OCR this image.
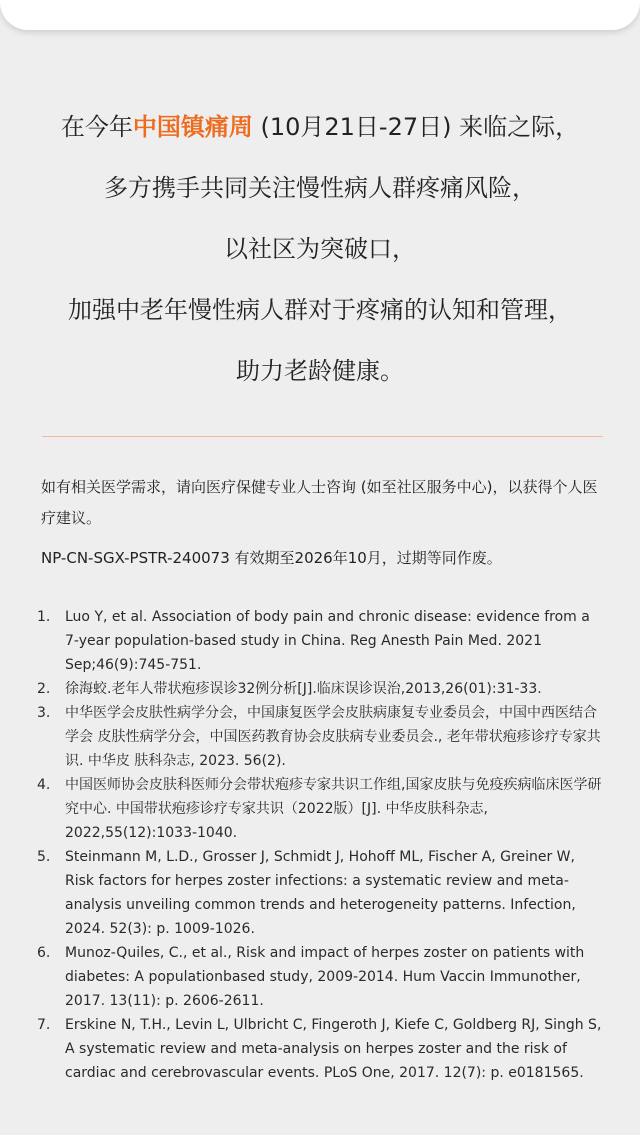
在今年中国镇痛周 (10月21日-27日) 来临之际，
多方携手共同关注慢性病人群疼痛风险，
以社区为突破口，
加强中老年慢性病人群对于疼痛的认知和管理，
助力老龄健康。
如有相关医学需求，请向医疗保健专业人士咨询 (如至社区服务中心)，以获得个人医疗建议。
NP-CN-SGX-PSTR-240073 有效期至2026年10月，过期等同作废。
1. Luo Y, et al. Association of body pain and chronic disease: evidence from a 7-year population-based study in China. Reg Anesth Pain Med. 2021 Sep;46(9):745-751.
2. 徐海蛟.老年人带状疱疹误诊32例分析[J].临床误诊误治,2013,26(01):31-33.
3. 中华医学会皮肤性病学分会，中国康复医学会皮肤病康复专业委员会，中国中西医结合学会 皮肤性病学分会，中国医药教育协会皮肤病专业委员会., 老年带状疱疹诊疗专家共识. 中华皮 肤科杂志, 2023. 56(2).
4. 中国医师协会皮肤科医师分会带状疱疹专家共识工作组,国家皮肤与免疫疾病临床医学研究中心. 中国带状疱疹诊疗专家共识（2022版）[J]. 中华皮肤科杂志, 2022,55(12):1033-1040.
5. Steinmann M, L.D., Grosser J, Schmidt J, Hohoff ML, Fischer A, Greiner W, Risk factors for herpes zoster infections: a systematic review and meta-analysis unveiling common trends and heterogeneity patterns. Infection, 2024. 52(3): p. 1009-1026.
6. Munoz-Quiles, C., et al., Risk and impact of herpes zoster on patients with diabetes: A populationbased study, 2009-2014. Hum Vaccin Immunother, 2017. 13(11): p. 2606-2611.
7. Erskine N, T.H., Levin L, Ulbricht C, Fingeroth J, Kiefe C, Goldberg RJ, Singh S, A systematic review and meta-analysis on herpes zoster and the risk of cardiac and cerebrovascular events. PLoS One, 2017. 12(7): p. e0181565.
